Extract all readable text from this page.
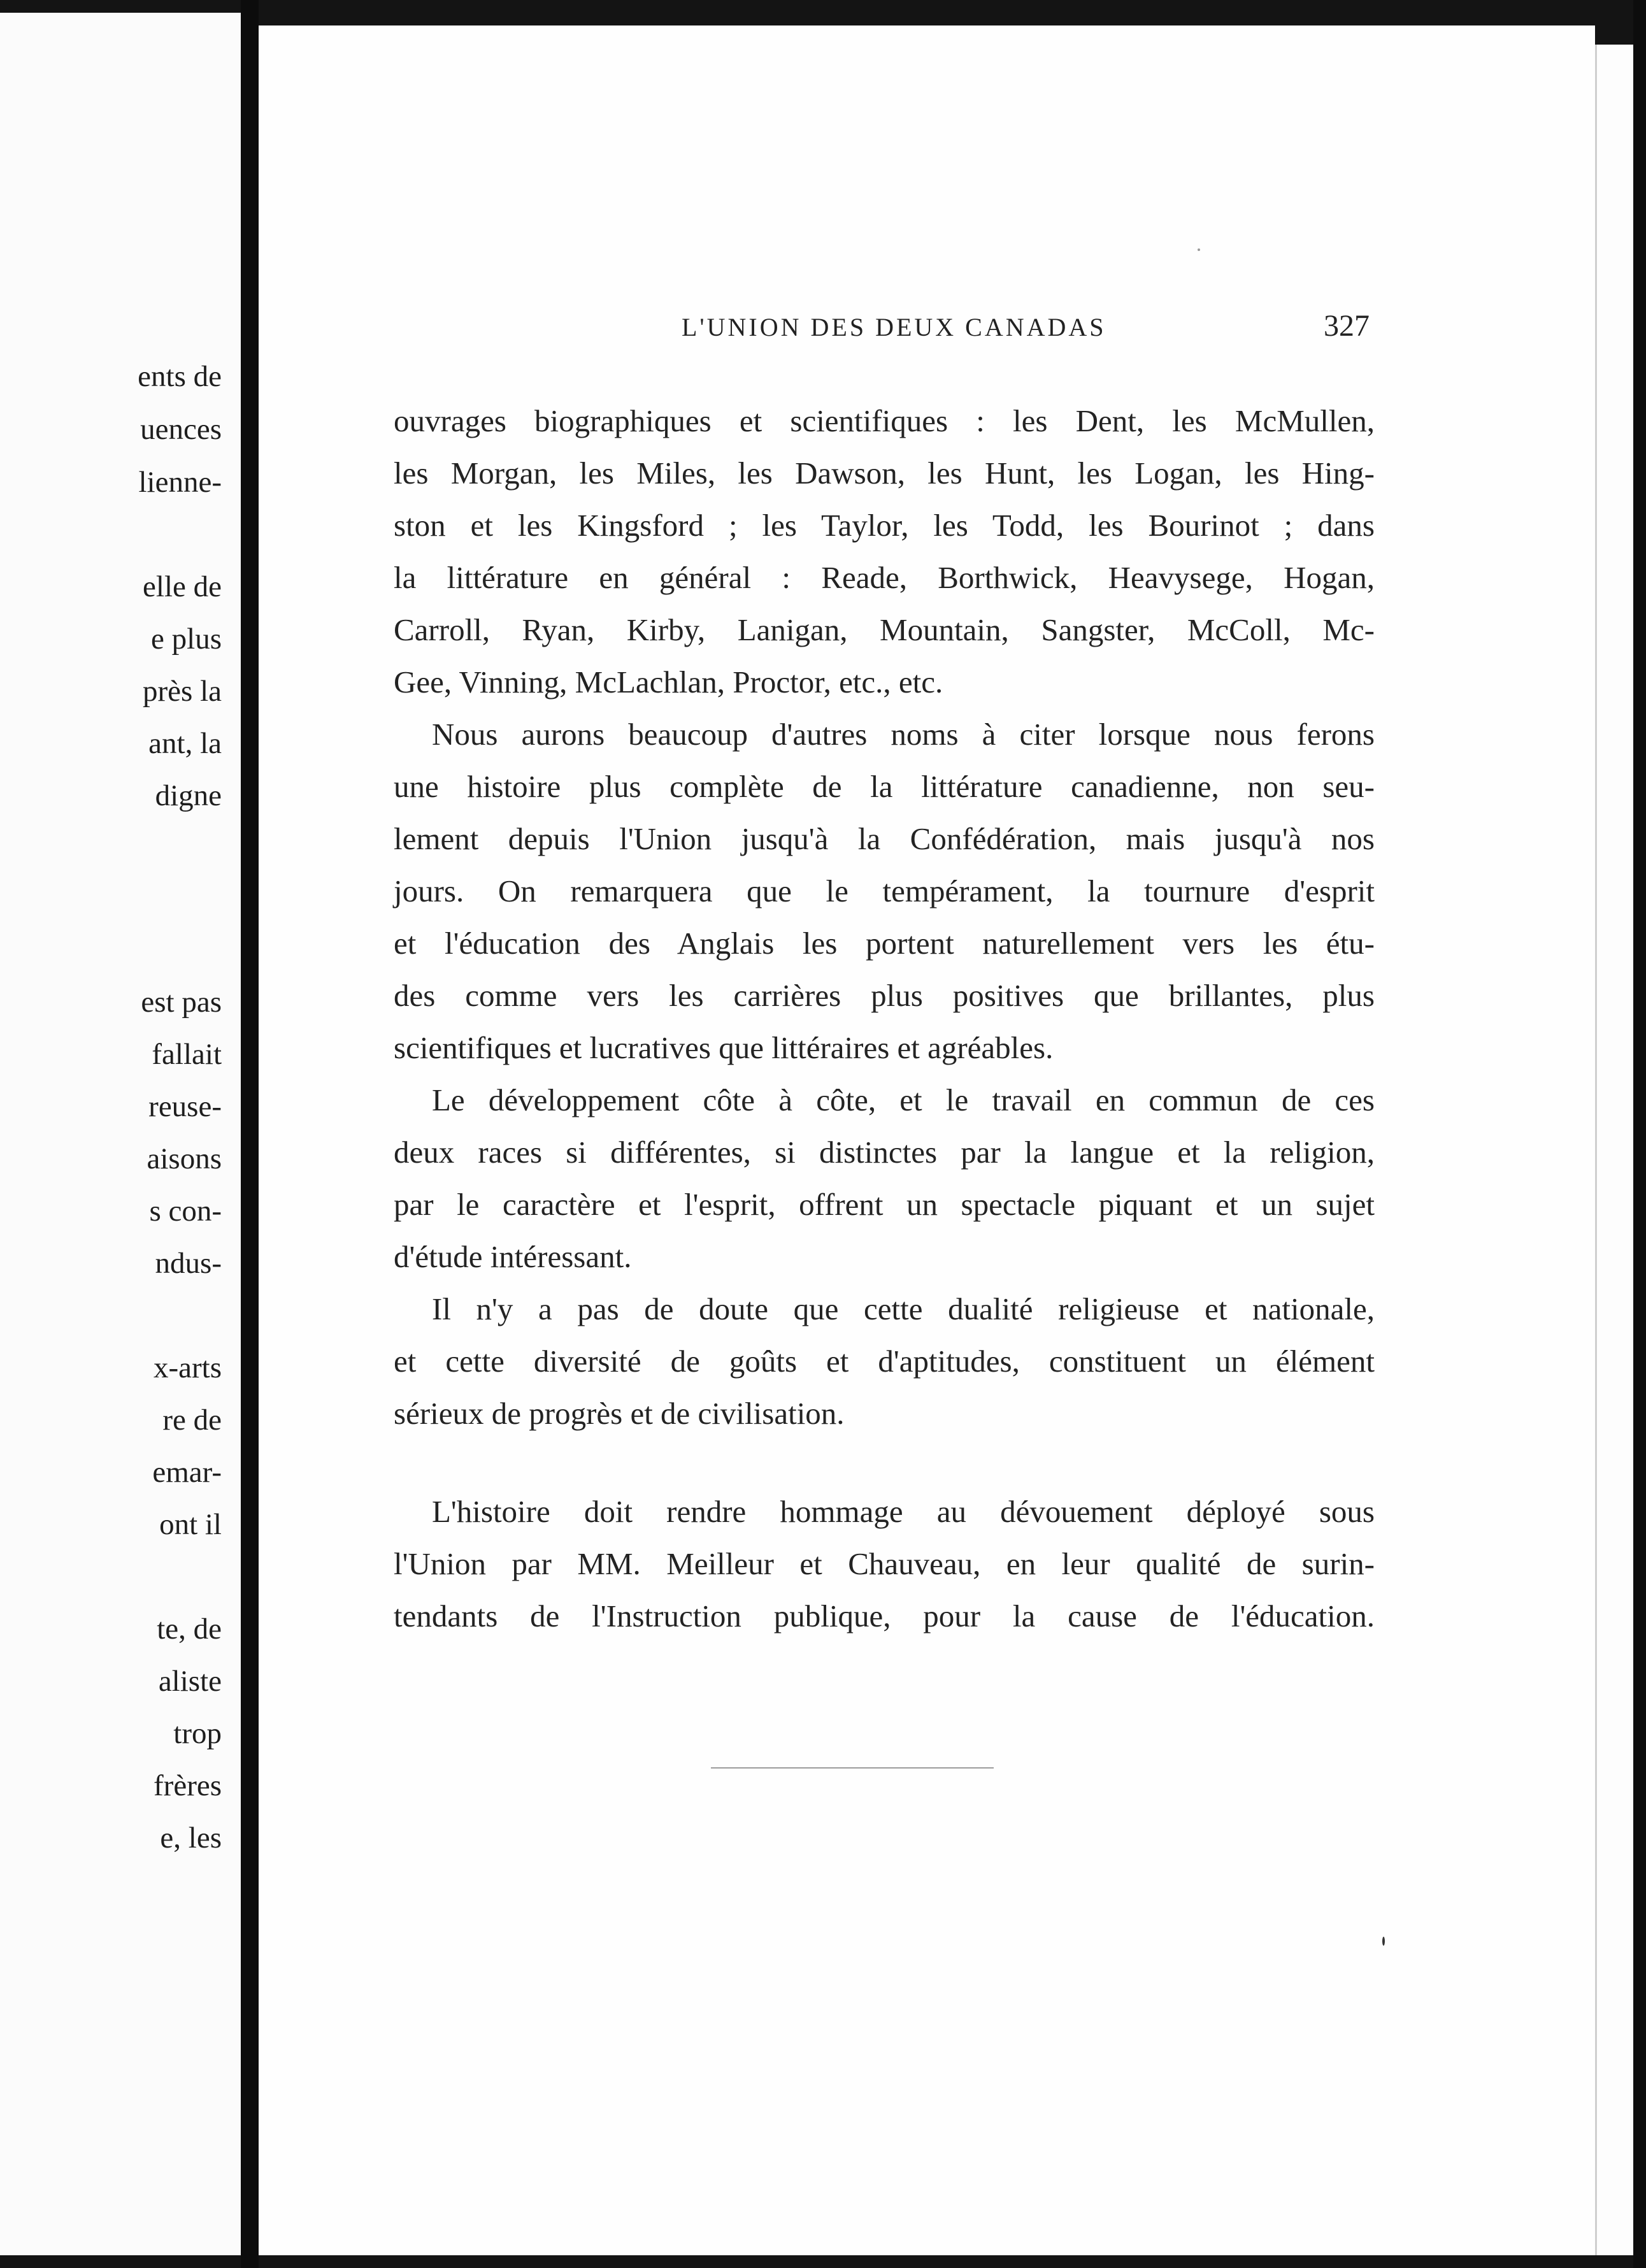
ents de
uences
lienne-
elle de
e plus
près la
ant, la
digne
est pas
fallait
reuse-
aisons
s con-
ndus-
x-arts
re de
emar-
ont il
te, de
aliste
trop
frères
e, les
L'UNION DES DEUX CANADAS	327
ouvrages biographiques et scientifiques : les Dent, les McMullen,
les Morgan, les Miles, les Dawson, les Hunt, les Logan, les Hing-
ston et les Kingsford ; les Taylor, les Todd, les Bourinot ; dans
la littérature en général : Reade, Borthwick, Heavysege, Hogan,
Carroll, Ryan, Kirby, Lanigan, Mountain, Sangster, McColl, Mc-
Gee, Vinning, McLachlan, Proctor, etc., etc.
Nous aurons beaucoup d'autres noms à citer lorsque nous ferons
une histoire plus complète de la littérature canadienne, non seu-
lement depuis l'Union jusqu'à la Confédération, mais jusqu'à nos
jours. On remarquera que le tempérament, la tournure d'esprit
et l'éducation des Anglais les portent naturellement vers les étu-
des comme vers les carrières plus positives que brillantes, plus
scientifiques et lucratives que littéraires et agréables.
Le développement côte à côte, et le travail en commun de ces
deux races si différentes, si distinctes par la langue et la religion,
par le caractère et l'esprit, offrent un spectacle piquant et un sujet
d'étude intéressant.
Il n'y a pas de doute que cette dualité religieuse et nationale,
et cette diversité de goûts et d'aptitudes, constituent un élément
sérieux de progrès et de civilisation.
L'histoire doit rendre hommage au dévouement déployé sous
l'Union par MM. Meilleur et Chauveau, en leur qualité de surin-
tendants de l'Instruction publique, pour la cause de l'éducation.
